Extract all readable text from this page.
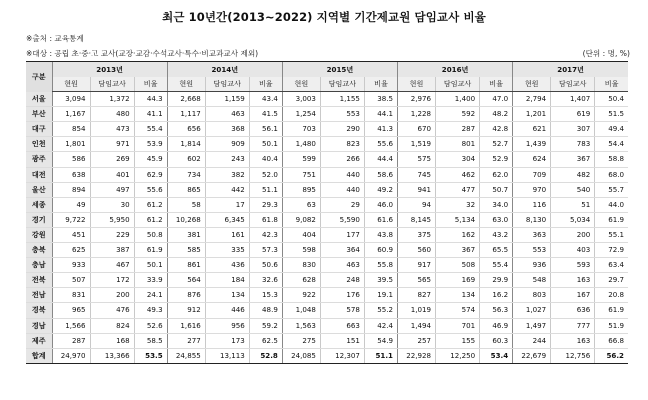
최근 10년간(2013~2022) 지역별 기간제교원 담임교사 비율
※출처 : 교육통계
※대상 : 공립 초·중·고 교사(교장·교감·수석교사·특수·비교과교사 제외)	(단위 : 명, %)
구분	2013년			2014년			2015년			2016년			2017년		
	현원	담임교사	비율	현원	담임교사	비율	현원	담임교사	비율	현원	담임교사	비율	현원	담임교사	비율
서울	3,094	1,372	44.3	2,668	1,159	43.4	3,003	1,155	38.5	2,976	1,400	47.0	2,794	1,407	50.4
부산	1,167	480	41.1	1,117	463	41.5	1,254	553	44.1	1,228	592	48.2	1,201	619	51.5
대구	854	473	55.4	656	368	56.1	703	290	41.3	670	287	42.8	621	307	49.4
인천	1,801	971	53.9	1,814	909	50.1	1,480	823	55.6	1,519	801	52.7	1,439	783	54.4
광주	586	269	45.9	602	243	40.4	599	266	44.4	575	304	52.9	624	367	58.8
대전	638	401	62.9	734	382	52.0	751	440	58.6	745	462	62.0	709	482	68.0
울산	894	497	55.6	865	442	51.1	895	440	49.2	941	477	50.7	970	540	55.7
세종	49	30	61.2	58	17	29.3	63	29	46.0	94	32	34.0	116	51	44.0
경기	9,722	5,950	61.2	10,268	6,345	61.8	9,082	5,590	61.6	8,145	5,134	63.0	8,130	5,034	61.9
강원	451	229	50.8	381	161	42.3	404	177	43.8	375	162	43.2	363	200	55.1
충북	625	387	61.9	585	335	57.3	598	364	60.9	560	367	65.5	553	403	72.9
충남	933	467	50.1	861	436	50.6	830	463	55.8	917	508	55.4	936	593	63.4
전북	507	172	33.9	564	184	32.6	628	248	39.5	565	169	29.9	548	163	29.7
전남	831	200	24.1	876	134	15.3	922	176	19.1	827	134	16.2	803	167	20.8
경북	965	476	49.3	912	446	48.9	1,048	578	55.2	1,019	574	56.3	1,027	636	61.9
경남	1,566	824	52.6	1,616	956	59.2	1,563	663	42.4	1,494	701	46.9	1,497	777	51.9
제주	287	168	58.5	277	173	62.5	275	151	54.9	257	155	60.3	244	163	66.8
합계	24,970	13,366	53.5	24,855	13,113	52.8	24,085	12,307	51.1	22,928	12,250	53.4	22,679	12,756	56.2
